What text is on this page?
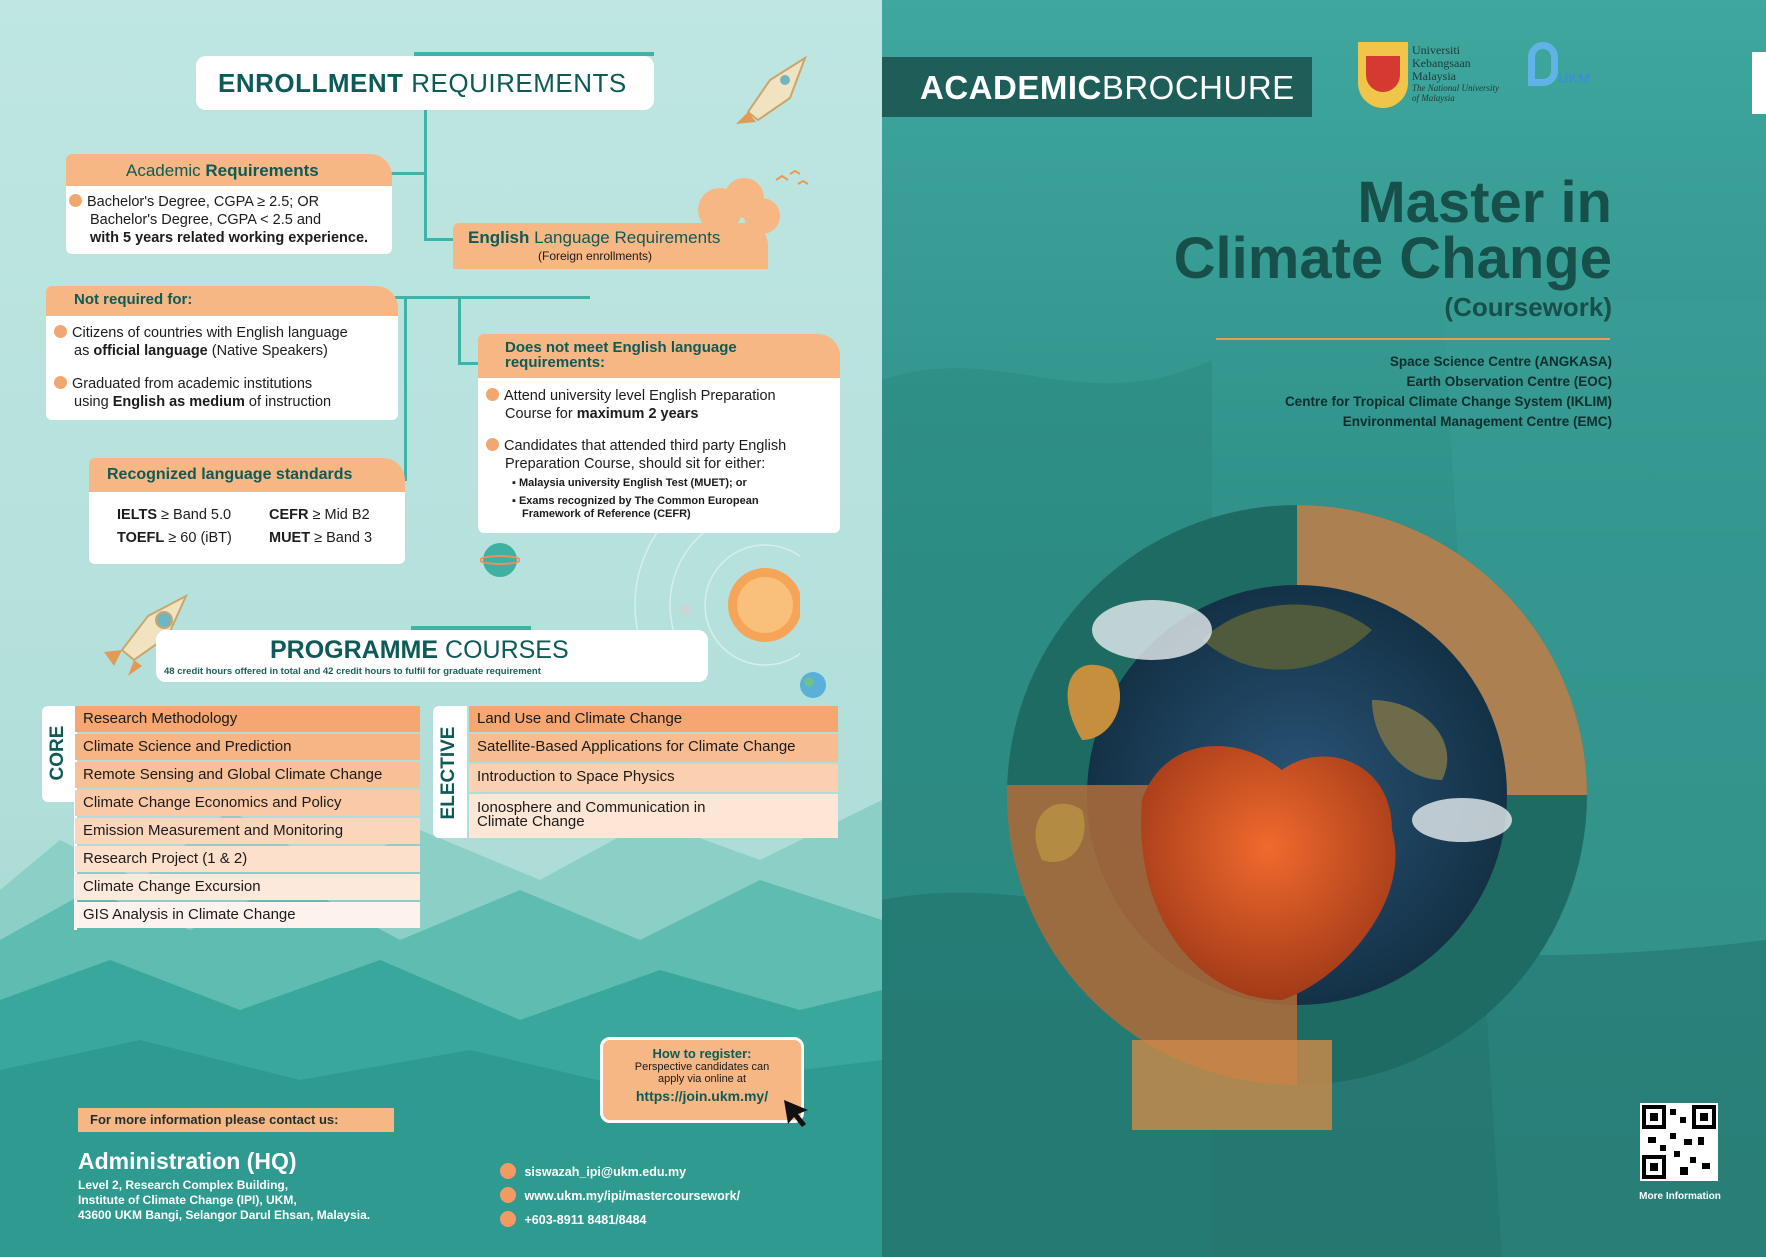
ENROLLMENT REQUIREMENTS
Academic Requirements
Bachelor's Degree, CGPA ≥ 2.5; OR
Bachelor's Degree, CGPA < 2.5 and
with 5 years related working experience.	English Language Requirements
(Foreign enrollments)
Not required for:
Citizens of countries with English language
as official language (Native Speakers)
Graduated from academic institutions
using English as medium of instruction
Does not meet English language requirements:
Attend university level English Preparation
Course for maximum 2 years
Candidates that attended third party English
Preparation Course, should sit for either:
▪ Malaysia university English Test (MUET); or
▪ Exams recognized by The Common European
Framework of Reference (CEFR)
Recognized language standards
IELTS ≥ Band 5.0	CEFR ≥ Mid B2
TOEFL ≥ 60 (iBT)	MUET ≥ Band 3
PROGRAMME COURSES
48 credit hours offered in total and 42 credit hours to fulfil for graduate requirement
CORE
Research Methodology
Climate Science and Prediction
Remote Sensing and Global Climate Change
Climate Change Economics and Policy
Emission Measurement and Monitoring
Research Project (1 & 2)
Climate Change Excursion
GIS Analysis in Climate Change
ELECTIVE
Land Use and Climate Change
Satellite-Based Applications for Climate Change
Introduction to Space Physics
Ionosphere and Communication in
Climate Change
How to register:
Perspective candidates can
apply via online at
https://join.ukm.my/
For more information please contact us:
Administration (HQ)
Level 2, Research Complex Building,
Institute of Climate Change (IPI), UKM,
43600 UKM Bangi, Selangor Darul Ehsan, Malaysia.
siswazah_ipi@ukm.edu.my
www.ukm.my/ipi/mastercoursework/
+603-8911 8481/8484
ACADEMICBROCHURE
Universiti
Kebangsaan
Malaysia
The National University
of Malaysia
UKM
Master in
Climate Change
(Coursework)
Space Science Centre (ANGKASA)
Earth Observation Centre (EOC)
Centre for Tropical Climate Change System (IKLIM)
Environmental Management Centre (EMC)
More Information
